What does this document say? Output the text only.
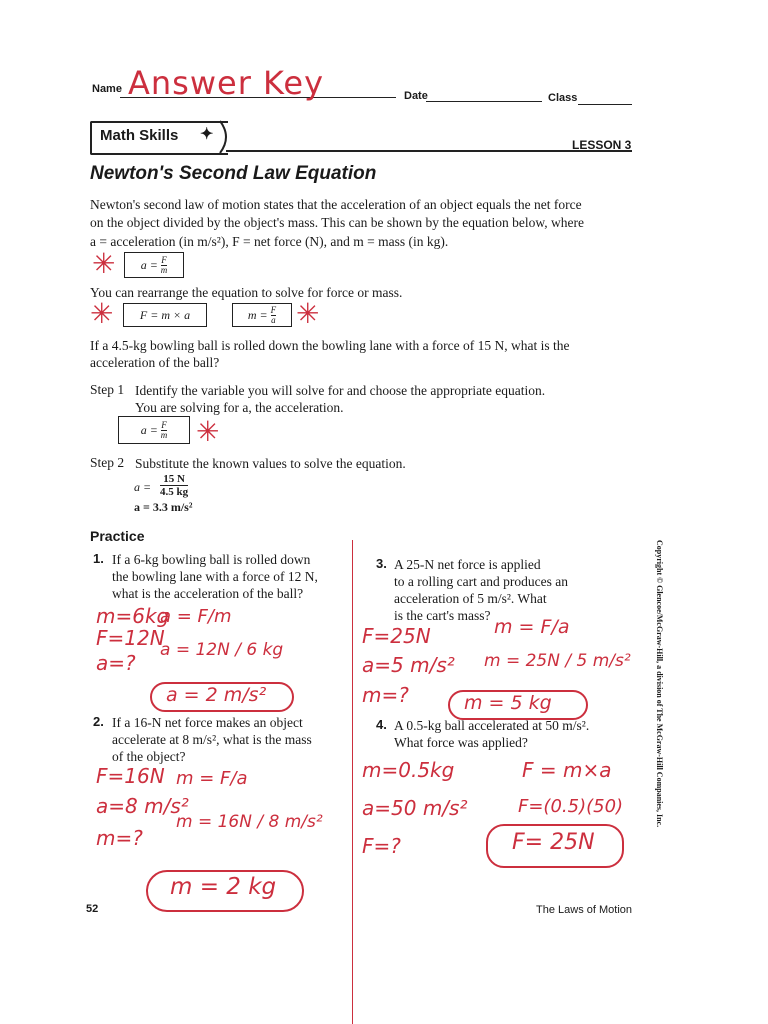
Name Answer Key	Date	Class
Math Skills ✦
LESSON 3
Newton's Second Law Equation
Newton's second law of motion states that the acceleration of an object equals the net force
on the object divided by the object's mass. This can be shown by the equation below, where
a = acceleration (in m/s²), F = net force (N), and m = mass (in kg).
✳ a =
$\frac{F}{m}$
You can rearrange the equation to solve for force or mass.
✳	F = m × a	m =
$\frac{F}{a}$ ✳
If a 4.5-kg bowling ball is rolled down the bowling lane with a force of 15 N, what is the
acceleration of the ball?
Step 1 Identify the variable you will solve for and choose the appropriate equation.
You are solving for a, the acceleration.
a =
$\frac{F}{m}$ ✳
Step 2 Substitute the known values to solve the equation.
$a = \frac{15 N}{4.5 kg}$
a = 3.3 m/s²
Practice
1. If a 6-kg bowling ball is rolled down
the bowling lane with a force of 12 N,
what is the acceleration of the ball?
2. If a 16-N net force makes an object
accelerate at 8 m/s², what is the mass
of the object?
3. A 25-N net force is applied
to a rolling cart and produces an
acceleration of 5 m/s². What
is the cart's mass?
4. A 0.5-kg ball accelerated at 50 m/s².
What force was applied?
m=6kg
F=12N
a=?
a = F/m
a = 12N / 6 kg
a = 2 m/s²
F=16N
a=8 m/s²
m=?
m = F/a
m = 16N / 8 m/s²
m = 2 kg
F=25N
a=5 m/s²
m=?
m = F/a
m = 25N / 5 m/s²
m = 5 kg
m=0.5kg
a=50 m/s²
F=?
F = m×a
F=(0.5)(50)
F= 25N
Copyright © Glencoe/McGraw-Hill, a division of The McGraw-Hill Companies, Inc.
52	The Laws of Motion
